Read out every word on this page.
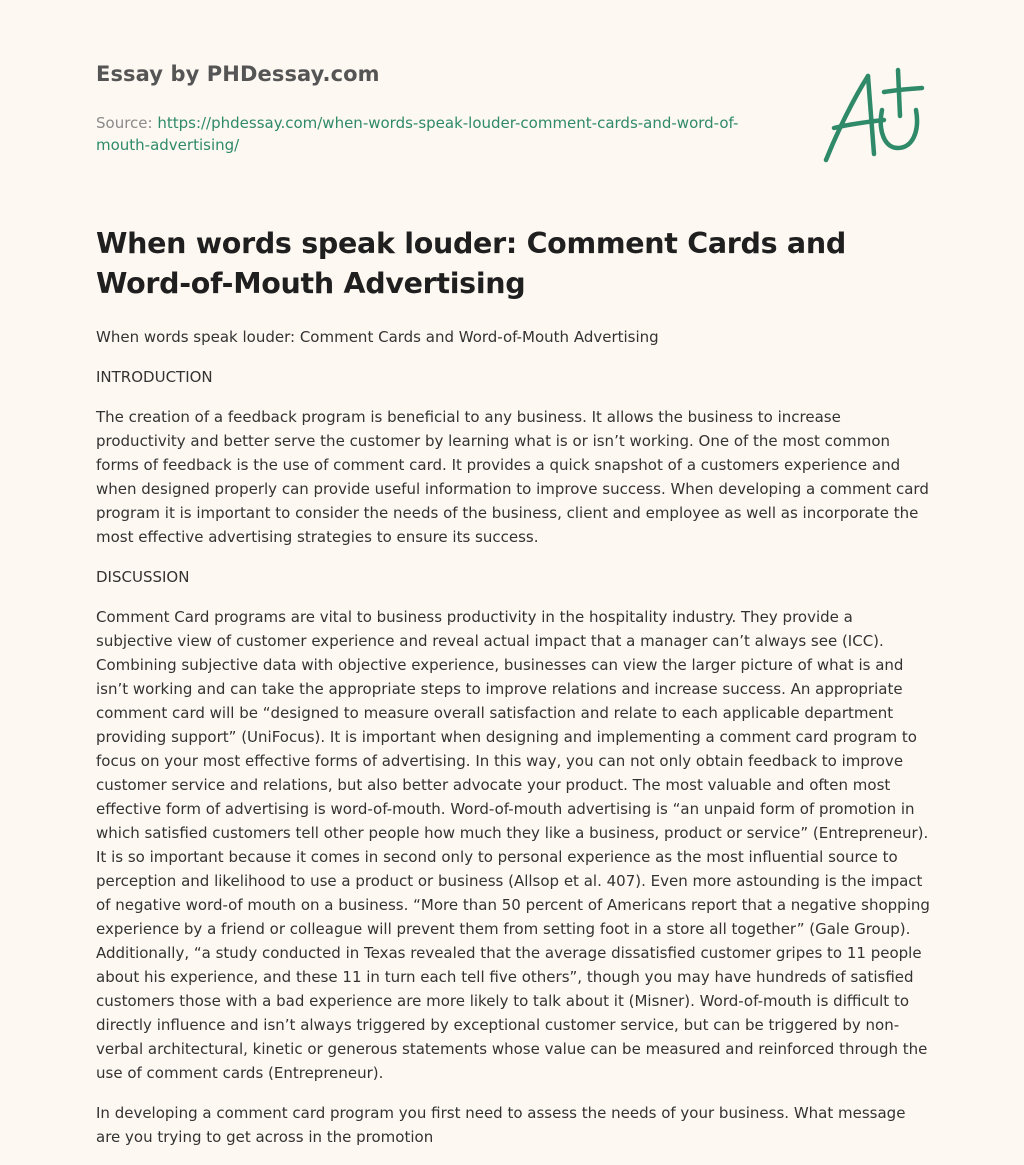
Essay by PHDessay.com
Source: https://phdessay.com/when-words-speak-louder-comment-cards-and-word-of-mouth-advertising/
When words speak louder: Comment Cards and Word-of-Mouth Advertising

When words speak louder: Comment Cards and Word-of-Mouth Advertising

INTRODUCTION

The creation of a feedback program is beneficial to any business. It allows the business to increase productivity and better serve the customer by learning what is or isn’t working. One of the most common forms of feedback is the use of comment card. It provides a quick snapshot of a customers experience and when designed properly can provide useful information to improve success. When developing a comment card program it is important to consider the needs of the business, client and employee as well as incorporate the most effective advertising strategies to ensure its success.

DISCUSSION

Comment Card programs are vital to business productivity in the hospitality industry. They provide a subjective view of customer experience and reveal actual impact that a manager can’t always see (ICC). Combining subjective data with objective experience, businesses can view the larger picture of what is and isn’t working and can take the appropriate steps to improve relations and increase success. An appropriate comment card will be “designed to measure overall satisfaction and relate to each applicable department providing support” (UniFocus). It is important when designing and implementing a comment card program to focus on your most effective forms of advertising. In this way, you can not only obtain feedback to improve customer service and relations, but also better advocate your product. The most valuable and often most effective form of advertising is word-of-mouth. Word-of-mouth advertising is “an unpaid form of promotion in which satisfied customers tell other people how much they like a business, product or service” (Entrepreneur). It is so important because it comes in second only to personal experience as the most influential source to perception and likelihood to use a product or business (Allsop et al. 407). Even more astounding is the impact of negative word-of mouth on a business. “More than 50 percent of Americans report that a negative shopping experience by a friend or colleague will prevent them from setting foot in a store all together” (Gale Group). Additionally, “a study conducted in Texas revealed that the average dissatisfied customer gripes to 11 people about his experience, and these 11 in turn each tell five others”, though you may have hundreds of satisfied customers those with a bad experience are more likely to talk about it (Misner). Word-of-mouth is difficult to directly influence and isn’t always triggered by exceptional customer service, but can be triggered by non-verbal architectural, kinetic or generous statements whose value can be measured and reinforced through the use of comment cards (Entrepreneur).

In developing a comment card program you first need to assess the needs of your business. What message are you trying to get across in the promotion
